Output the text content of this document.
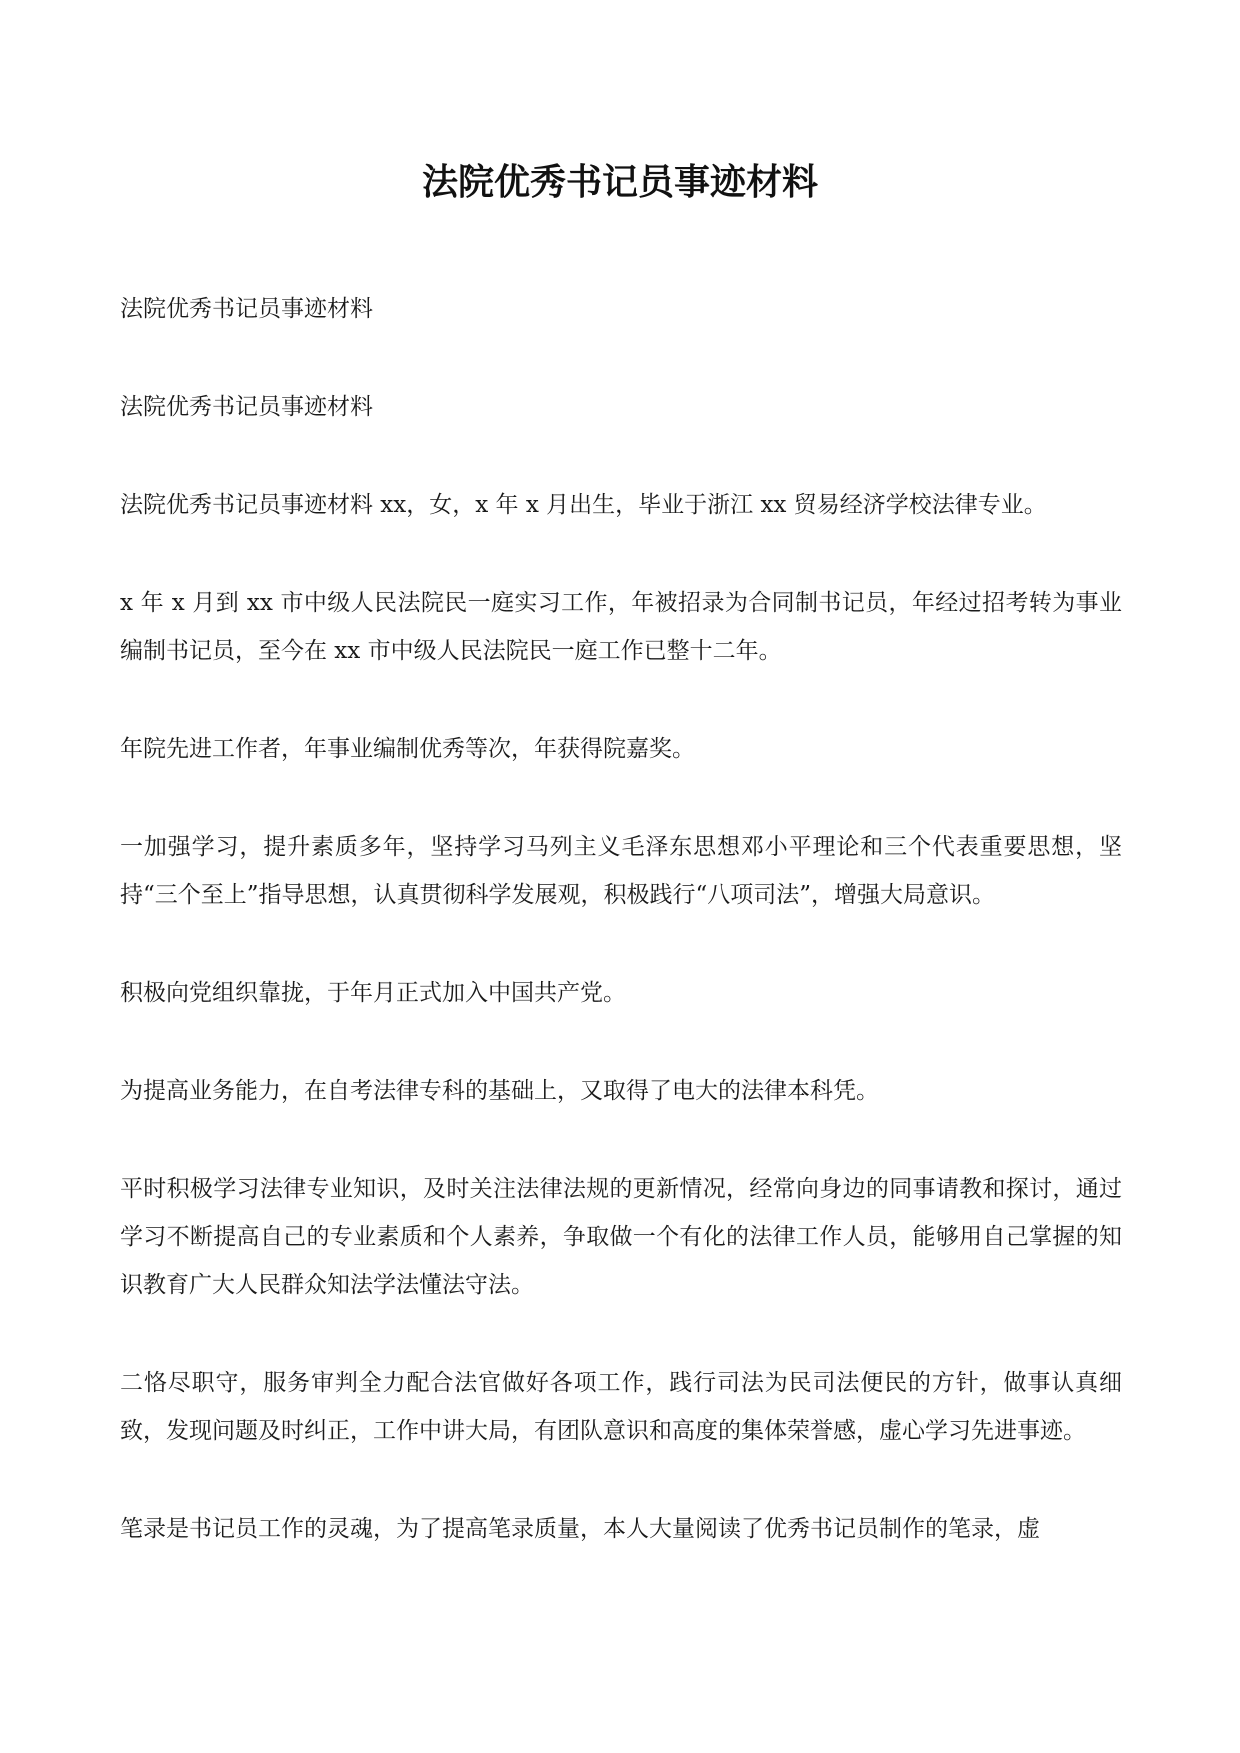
法院优秀书记员事迹材料

法院优秀书记员事迹材料

法院优秀书记员事迹材料

法院优秀书记员事迹材料 xx，女，x 年 x 月出生，毕业于浙江 xx 贸易经济学校法律专业。

x 年 x 月到 xx 市中级人民法院民一庭实习工作，年被招录为合同制书记员，年经过招考转为事业编制书记员，至今在 xx 市中级人民法院民一庭工作已整十二年。

年院先进工作者，年事业编制优秀等次，年获得院嘉奖。

一加强学习，提升素质多年，坚持学习马列主义毛泽东思想邓小平理论和三个代表重要思想，坚持“三个至上”指导思想，认真贯彻科学发展观，积极践行“八项司法”，增强大局意识。

积极向党组织靠拢，于年月正式加入中国共产党。

为提高业务能力，在自考法律专科的基础上，又取得了电大的法律本科凭。

平时积极学习法律专业知识，及时关注法律法规的更新情况，经常向身边的同事请教和探讨，通过学习不断提高自己的专业素质和个人素养，争取做一个有化的法律工作人员，能够用自己掌握的知识教育广大人民群众知法学法懂法守法。

二恪尽职守，服务审判全力配合法官做好各项工作，践行司法为民司法便民的方针，做事认真细致，发现问题及时纠正，工作中讲大局，有团队意识和高度的集体荣誉感，虚心学习先进事迹。

笔录是书记员工作的灵魂，为了提高笔录质量，本人大量阅读了优秀书记员制作的笔录，虚
